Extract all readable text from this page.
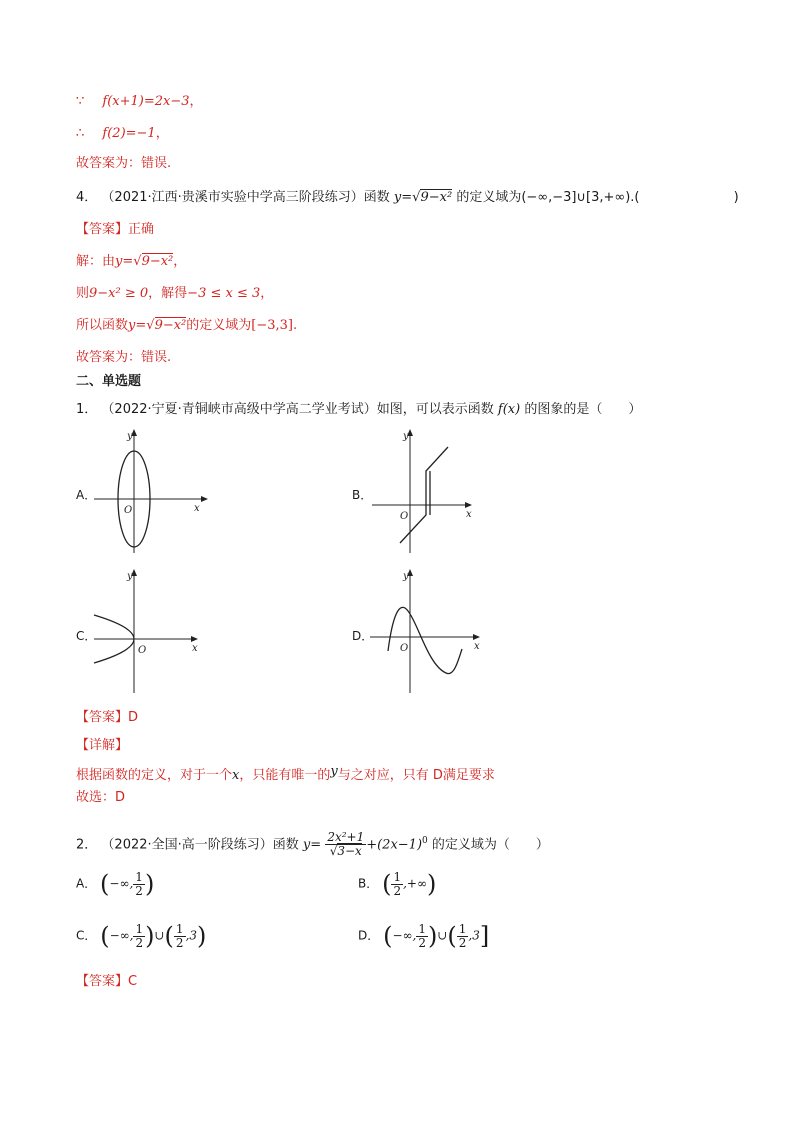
∵ f(x+1)=2x−3，
∴ f(2)=−1，
故答案为：错误.
4． （2021·江西·贵溪市实验中学高三阶段练习）函数 y=√9−x² 的定义域为(−∞,−3]∪[3,+∞).(	)
【答案】正确
解：由y=√9−x²，
则9−x² ≥ 0，解得−3 ≤ x ≤ 3，
所以函数y=√9−x²的定义域为[−3,3].
故答案为：错误.
二、单选题
1． （2022·宁夏·青铜峡市高级中学高二学业考试）如图，可以表示函数 f(x) 的图象的是（　　）
A．
y
x
O
B．
y
x
O
C．
y
x
O
D．
y
x
O
【答案】D
【详解】
根据函数的定义，对于一个x，只能有唯一的y与之对应，只有 D满足要求
故选：D
2． （2022·全国·高一阶段练习）函数 $y= \frac{\text{2x²+1}}{√3-x} +(2x-1)^0$ 的定义域为（　　）
A． (−∞, $\frac{1}{2}$ )	B． ( $\frac{1}{2}$ ,+∞)
C． (−∞, $\frac{1}{2}$ )∪( $\frac{1}{2} ,3$)	D． (−∞, $\frac{1}{2}$ )∪( $\frac{1}{2} ,3$]
【答案】C
